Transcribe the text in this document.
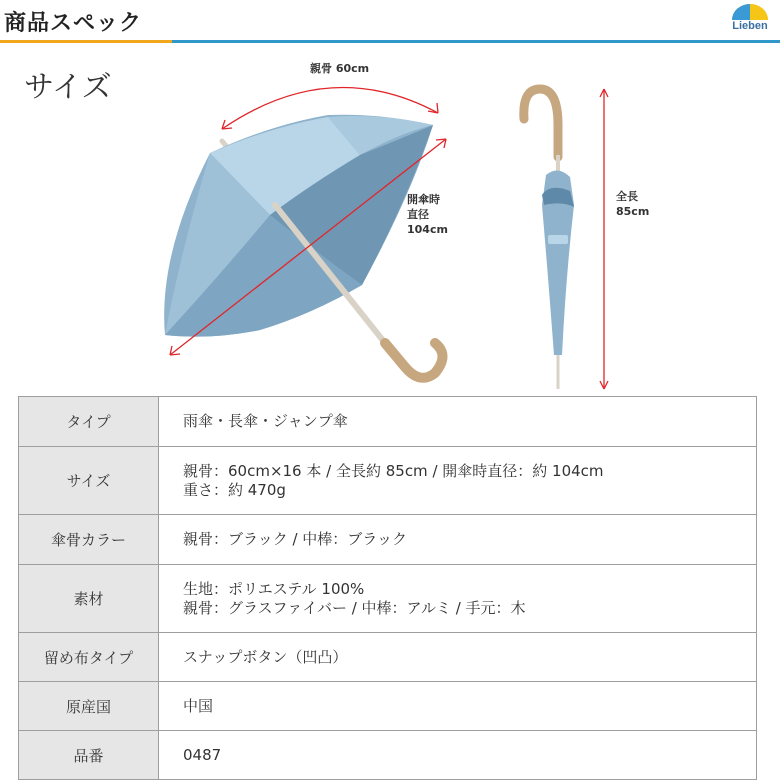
商品スペック	Lieben
サイズ
親骨 60cm
開傘時
直径
104cm
全長
85cm
タイプ	雨傘・長傘・ジャンプ傘

サイズ	親骨：60cm×16 本 / 全長約 85cm / 開傘時直径：約 104cm
重さ：約 470g

傘骨カラー	親骨：ブラック / 中棒：ブラック

素材	生地：ポリエステル 100%
親骨：グラスファイバー / 中棒：アルミ / 手元：木

留め布タイプ	スナップボタン（凹凸）

原産国	中国

品番	0487
